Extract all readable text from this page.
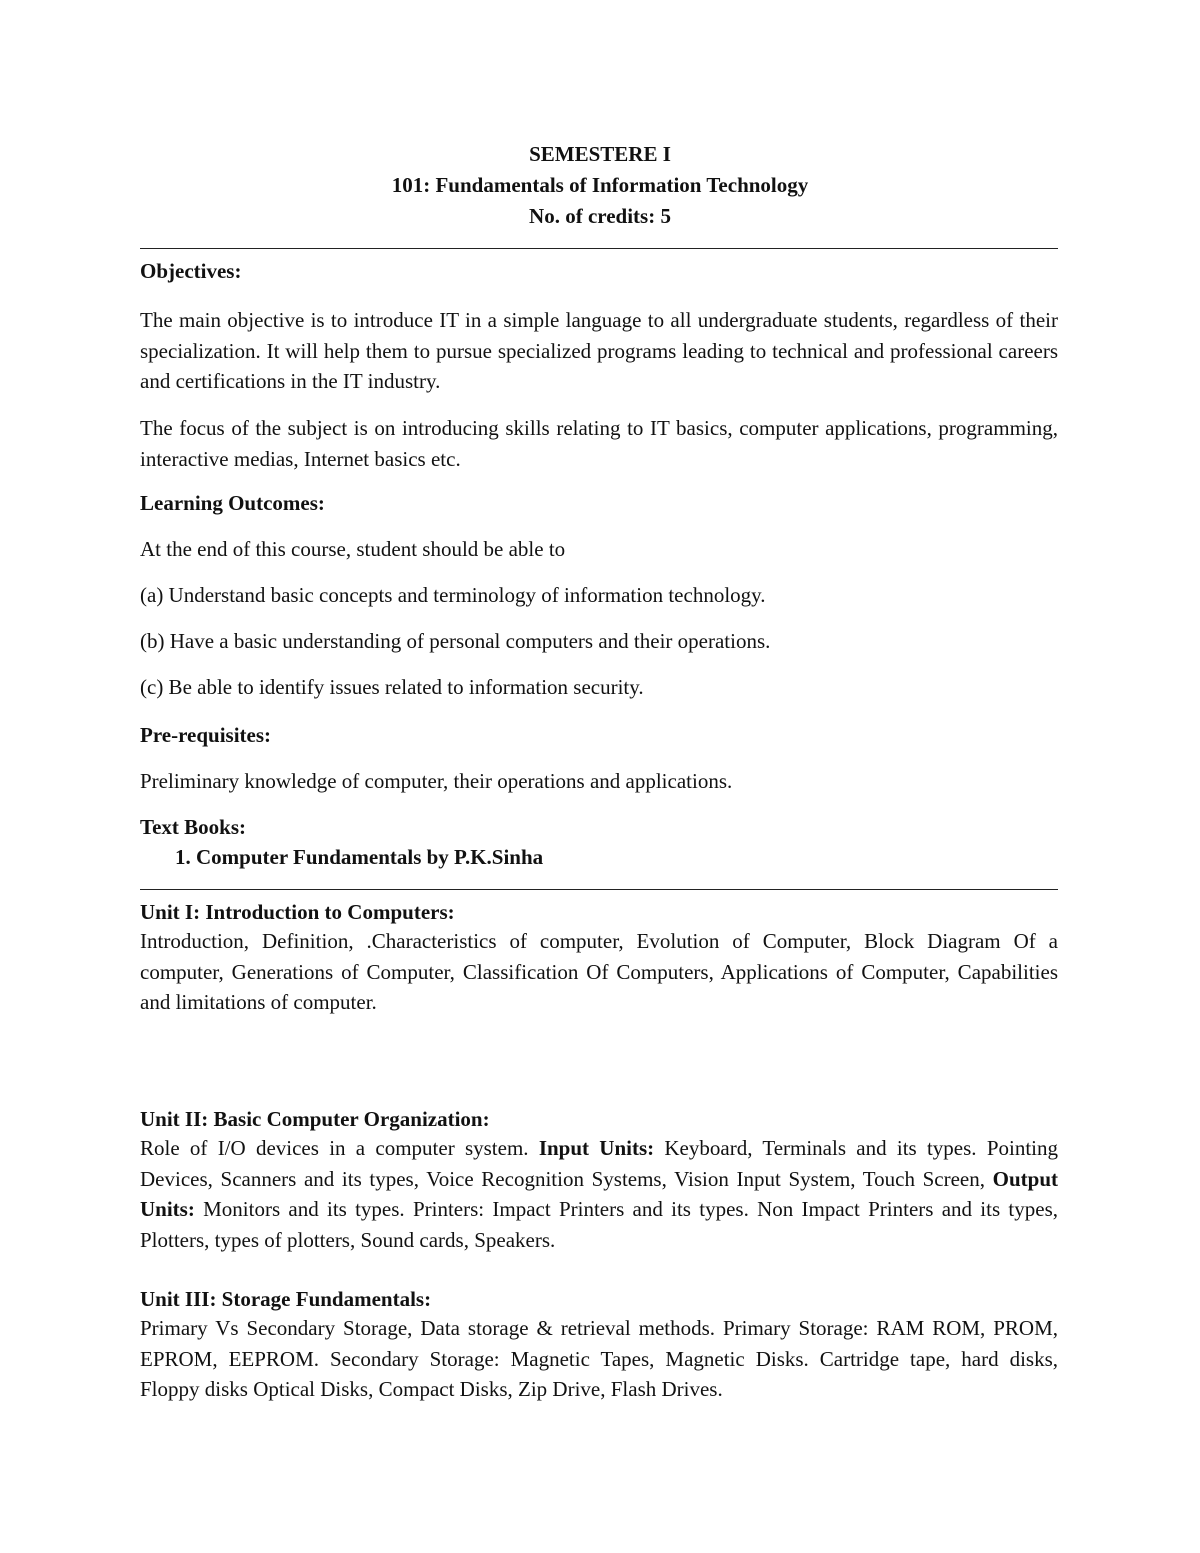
SEMESTERE I
101: Fundamentals of Information Technology
No. of credits: 5
Objectives:

The main objective is to introduce IT in a simple language to all undergraduate students, regardless of their specialization. It will help them to pursue specialized programs leading to technical and professional careers and certifications in the IT industry.

The focus of the subject is on introducing skills relating to IT basics, computer applications, programming, interactive medias, Internet basics etc.

Learning Outcomes:
At the end of this course, student should be able to
(a) Understand basic concepts and terminology of information technology.
(b) Have a basic understanding of personal computers and their operations.
(c) Be able to identify issues related to information security.
Pre-requisites:
Preliminary knowledge of computer, their operations and applications.
Text Books:
1. Computer Fundamentals by P.K.Sinha
Unit I: Introduction to Computers:

Introduction, Definition, .Characteristics of computer, Evolution of Computer, Block Diagram Of a computer, Generations of Computer, Classification Of Computers, Applications of Computer, Capabilities and limitations of computer.

Unit II: Basic Computer Organization:

Role of I/O devices in a computer system. Input Units: Keyboard, Terminals and its types. Pointing Devices, Scanners and its types, Voice Recognition Systems, Vision Input System, Touch Screen, Output Units: Monitors and its types. Printers: Impact Printers and its types. Non Impact Printers and its types, Plotters, types of plotters, Sound cards, Speakers.

Unit III: Storage Fundamentals:

Primary Vs Secondary Storage, Data storage & retrieval methods. Primary Storage: RAM ROM, PROM, EPROM, EEPROM. Secondary Storage: Magnetic Tapes, Magnetic Disks. Cartridge tape, hard disks, Floppy disks Optical Disks, Compact Disks, Zip Drive, Flash Drives.
